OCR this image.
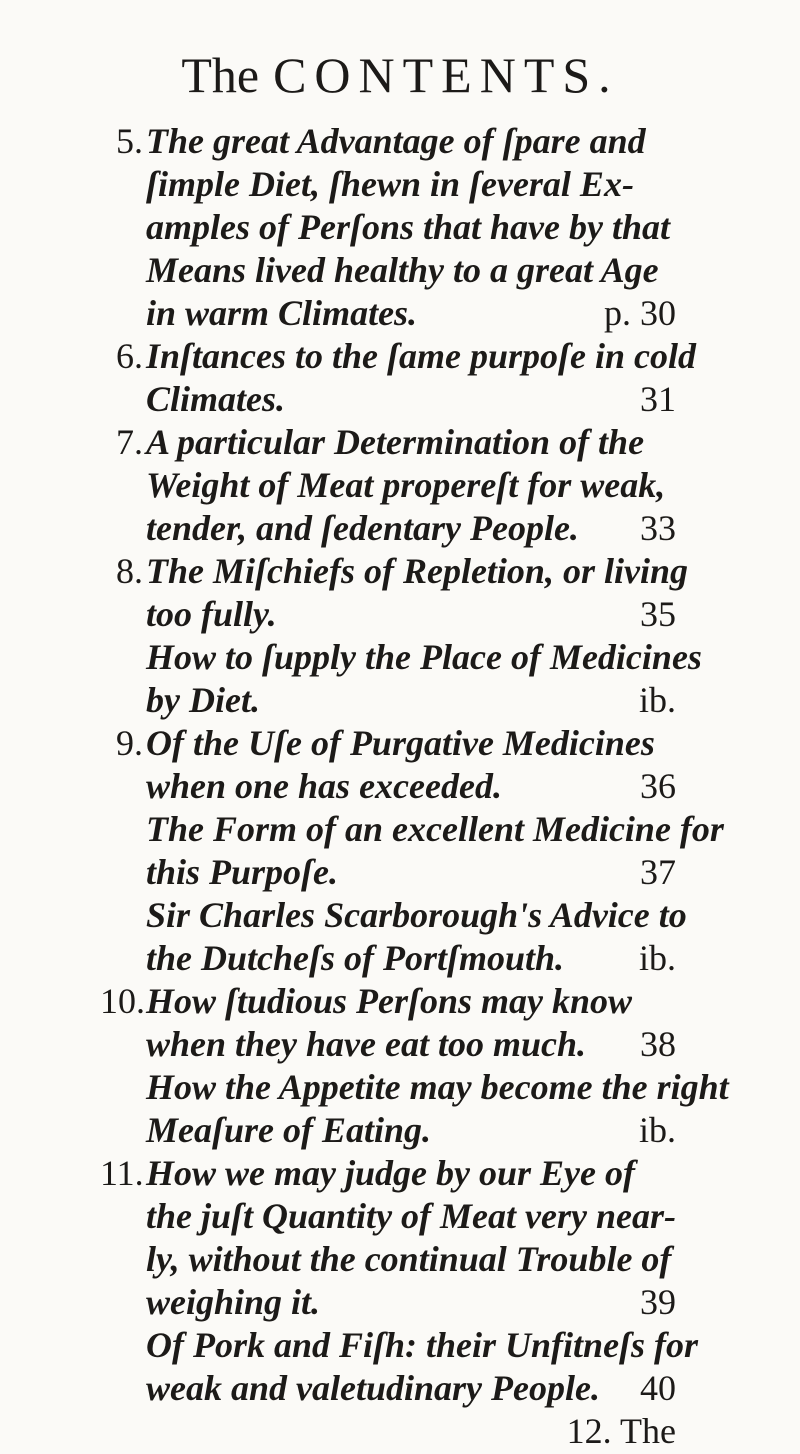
The CONTENTS.
5. The great Advantage of ſpare and
ſimple Diet, ſhewn in ſeveral Ex-
amples of Perſons that have by that
Means lived healthy to a great Age
in warm Climates.	p. 30
6. Inſtances to the ſame purpoſe in cold
Climates.	31
7. A particular Determination of the
Weight of Meat propereſt for weak,
tender, and ſedentary People. 33
8. The Miſchiefs of Repletion, or living
too fully.	35
How to ſupply the Place of Medicines
by Diet.	ib.
9. Of the Uſe of Purgative Medicines
when one has exceeded.	36
The Form of an excellent Medicine for
this Purpoſe.	37
Sir Charles Scarborough's Advice to
the Dutcheſs of Portſmouth. ib.
10. How ſtudious Perſons may know
when they have eat too much. 38
How the Appetite may become the right
Meaſure of Eating.	ib.
11. How we may judge by our Eye of
the juſt Quantity of Meat very near-
ly, without the continual Trouble of
weighing it.	39
Of Pork and Fiſh: their Unfitneſs for
weak and valetudinary People. 40
12. The
